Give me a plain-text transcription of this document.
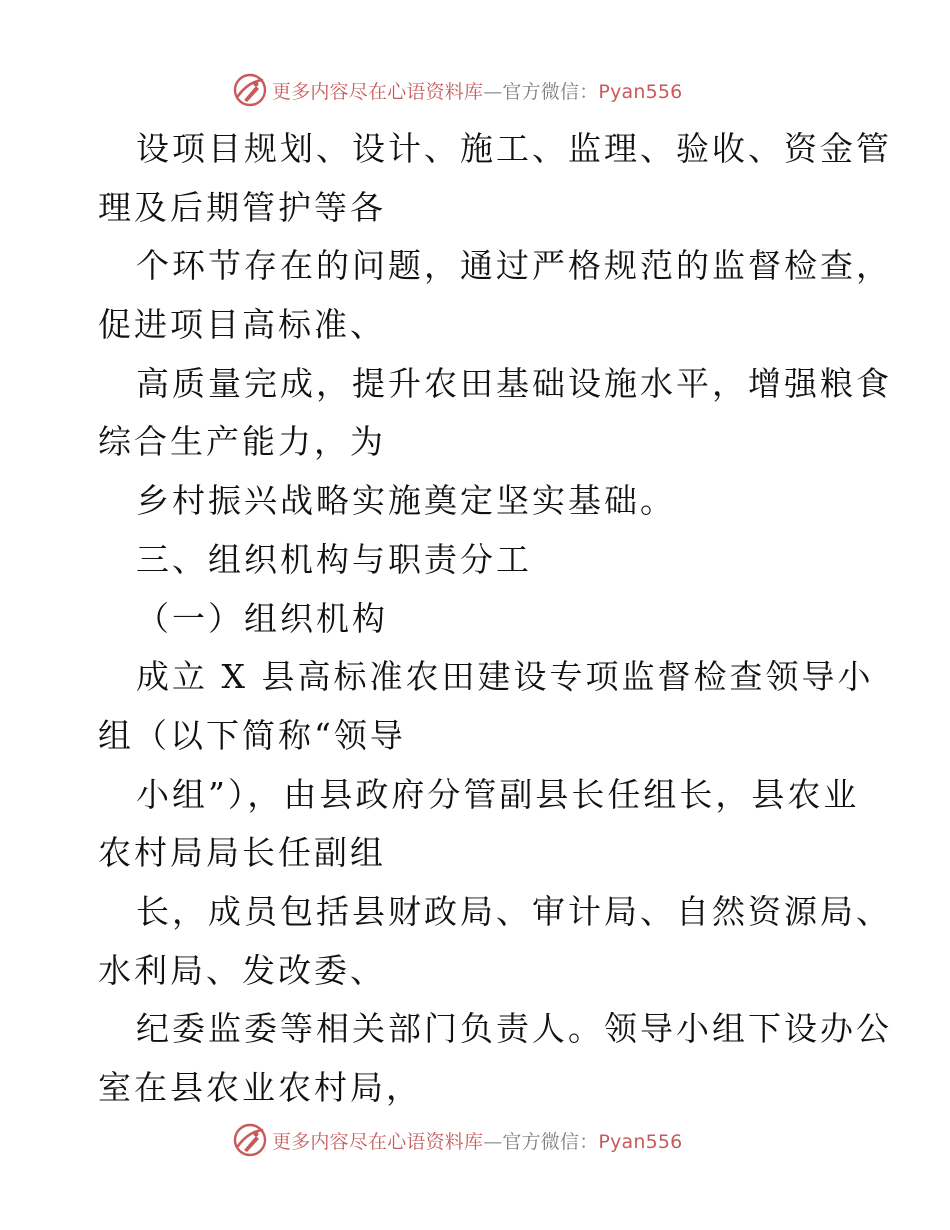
更多内容尽在心语资料库—官方微信：Pyan556
设项目规划、设计、施工、监理、验收、资金管
理及后期管护等各
个环节存在的问题，通过严格规范的监督检查，
促进项目高标准、
高质量完成，提升农田基础设施水平，增强粮食
综合生产能力，为
乡村振兴战略实施奠定坚实基础。
三、组织机构与职责分工
（一）组织机构
成立 X 县高标准农田建设专项监督检查领导小
组（以下简称“领导
小组”），由县政府分管副县长任组长，县农业
农村局局长任副组
长，成员包括县财政局、审计局、自然资源局、
水利局、发改委、
纪委监委等相关部门负责人。领导小组下设办公
室在县农业农村局，
更多内容尽在心语资料库—官方微信：Pyan556
